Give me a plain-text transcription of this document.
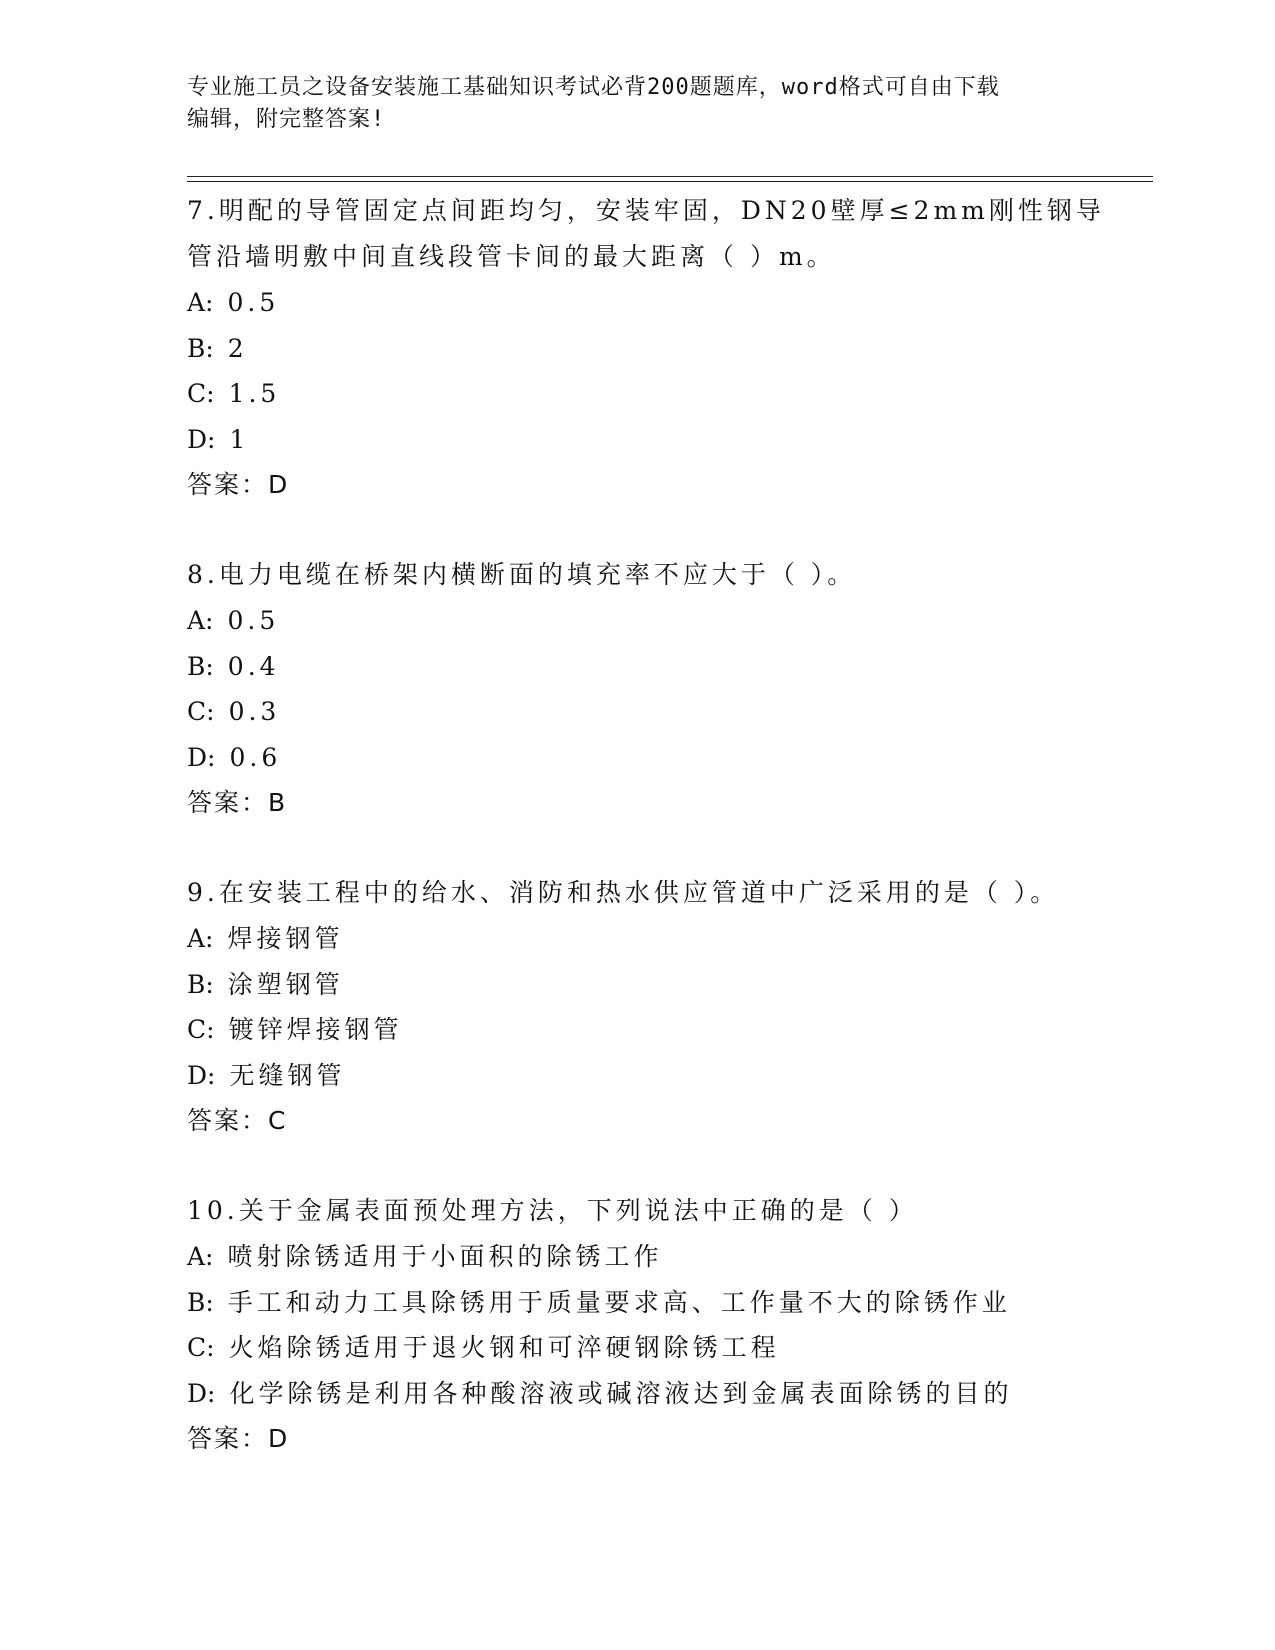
专业施工员之设备安装施工基础知识考试必背200题题库，word格式可自由下载
编辑，附完整答案!
7.明配的导管固定点间距均匀，安装牢固，DN20壁厚≤2mm刚性钢导
管沿墙明敷中间直线段管卡间的最大距离（ ）m。
A: 0.5
B: 2
C: 1.5
D: 1
答案：D
8.电力电缆在桥架内横断面的填充率不应大于（ ）。
A: 0.5
B: 0.4
C: 0.3
D: 0.6
答案：B
9.在安装工程中的给水、消防和热水供应管道中广泛采用的是（ ）。
A: 焊接钢管
B: 涂塑钢管
C: 镀锌焊接钢管
D: 无缝钢管
答案：C
10.关于金属表面预处理方法，下列说法中正确的是（ ）
A: 喷射除锈适用于小面积的除锈工作
B: 手工和动力工具除锈用于质量要求高、工作量不大的除锈作业
C: 火焰除锈适用于退火钢和可淬硬钢除锈工程
D: 化学除锈是利用各种酸溶液或碱溶液达到金属表面除锈的目的
答案：D
